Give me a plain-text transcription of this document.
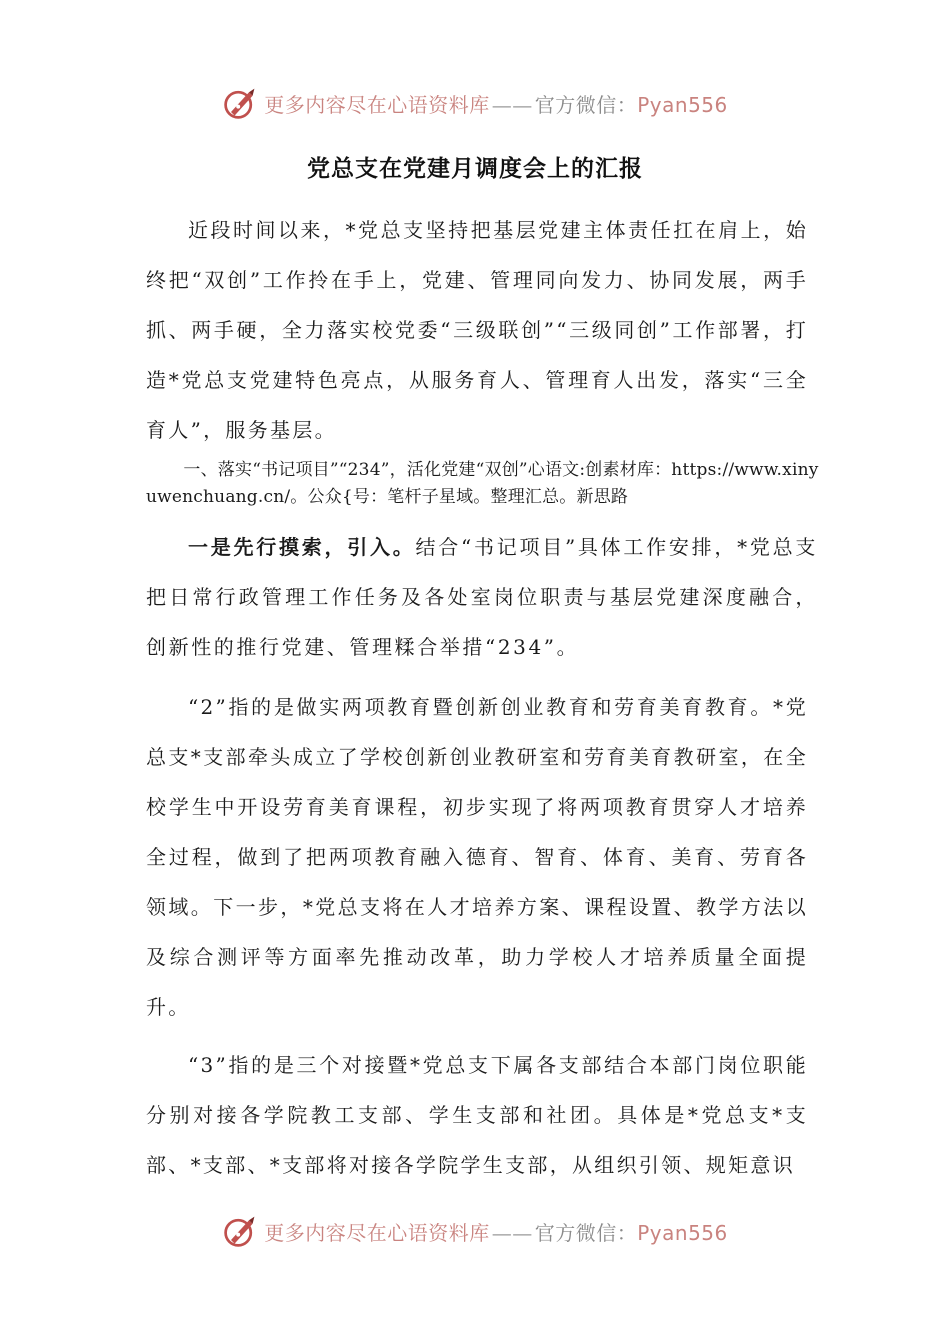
更多内容尽在心语资料库 —— 官方微信：Pyan556
党总支在党建月调度会上的汇报

近段时间以来，*党总支坚持把基层党建主体责任扛在肩上，始终把“双创”工作拎在手上，党建、管理同向发力、协同发展，两手抓、两手硬，全力落实校党委“三级联创”“三级同创”工作部署，打造*党总支党建特色亮点，从服务育人、管理育人出发，落实“三全育人”，服务基层。

一、落实“书记项目”“234”，活化党建“双创”心语文:创素材库：https://www.xinyuwenchuang.cn/。公众{号：笔杆子星域。整理汇总。新思路

一是先行摸索，引入。结合“书记项目”具体工作安排，*党总支把日常行政管理工作任务及各处室岗位职责与基层党建深度融合，创新性的推行党建、管理糅合举措“234”。

“2”指的是做实两项教育暨创新创业教育和劳育美育教育。*党总支*支部牵头成立了学校创新创业教研室和劳育美育教研室，在全校学生中开设劳育美育课程，初步实现了将两项教育贯穿人才培养全过程，做到了把两项教育融入德育、智育、体育、美育、劳育各领域。下一步，*党总支将在人才培养方案、课程设置、教学方法以及综合测评等方面率先推动改革，助力学校人才培养质量全面提升。

“3”指的是三个对接暨*党总支下属各支部结合本部门岗位职能分别对接各学院教工支部、学生支部和社团。具体是*党总支*支部、*支部、*支部将对接各学院学生支部，从组织引领、规矩意识

更多内容尽在心语资料库 —— 官方微信：Pyan556
